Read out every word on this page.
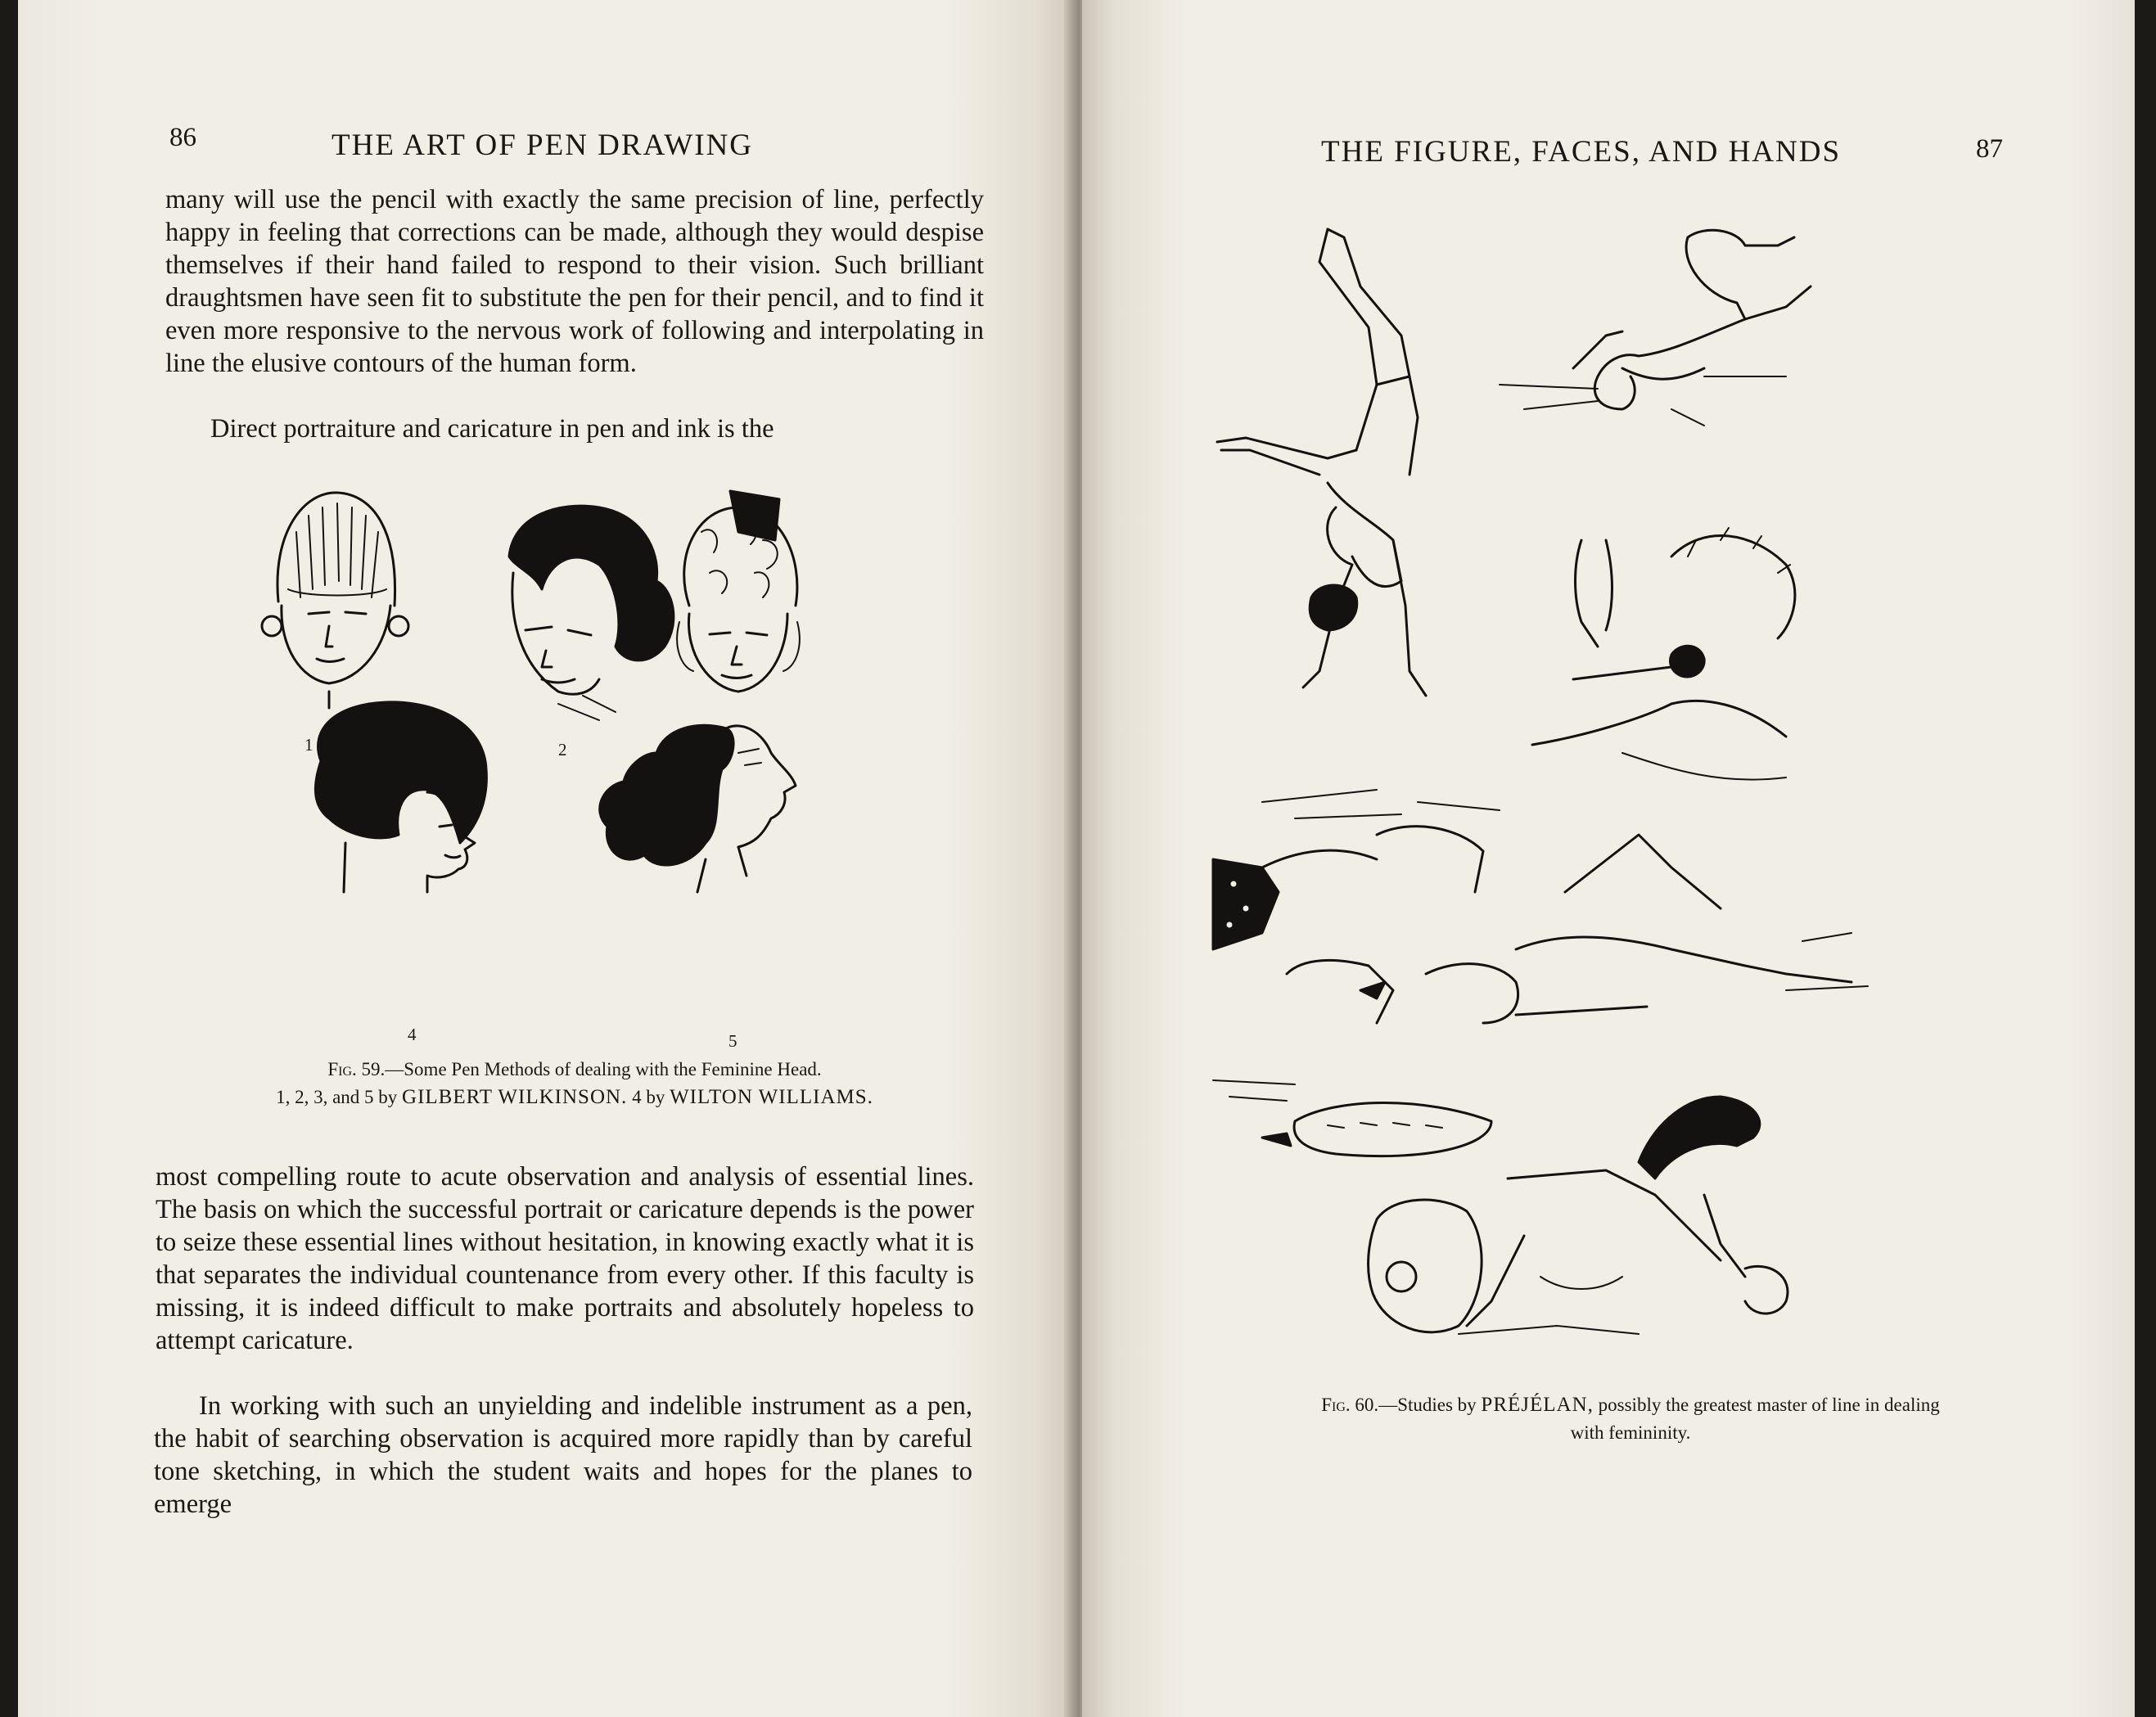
86	THE ART OF PEN DRAWING

many will use the pencil with exactly the same precision of line, perfectly happy in feeling that corrections can be made, although they would despise themselves if their hand failed to respond to their vision. Such brilliant draughtsmen have seen fit to substitute the pen for their pencil, and to find it even more responsive to the nervous work of following and interpolating in line the elusive contours of the human form.

Direct portraiture and caricature in pen and ink is the

1	2
4	5
Fig. 59.—Some Pen Methods of dealing with the Feminine Head.
1, 2, 3, and 5 by GILBERT WILKINSON. 4 by WILTON WILLIAMS.

most compelling route to acute observation and analysis of essential lines. The basis on which the successful portrait or caricature depends is the power to seize these essential lines without hesitation, in knowing exactly what it is that separates the individual countenance from every other. If this faculty is missing, it is indeed difficult to make portraits and absolutely hopeless to attempt caricature.

In working with such an unyielding and indelible instrument as a pen, the habit of searching observation is acquired more rapidly than by careful tone sketching, in which the student waits and hopes for the planes to emerge

THE FIGURE, FACES, AND HANDS	87
Fig. 60.—Studies by PRÉJÉLAN, possibly the greatest master of line in dealing
with femininity.
